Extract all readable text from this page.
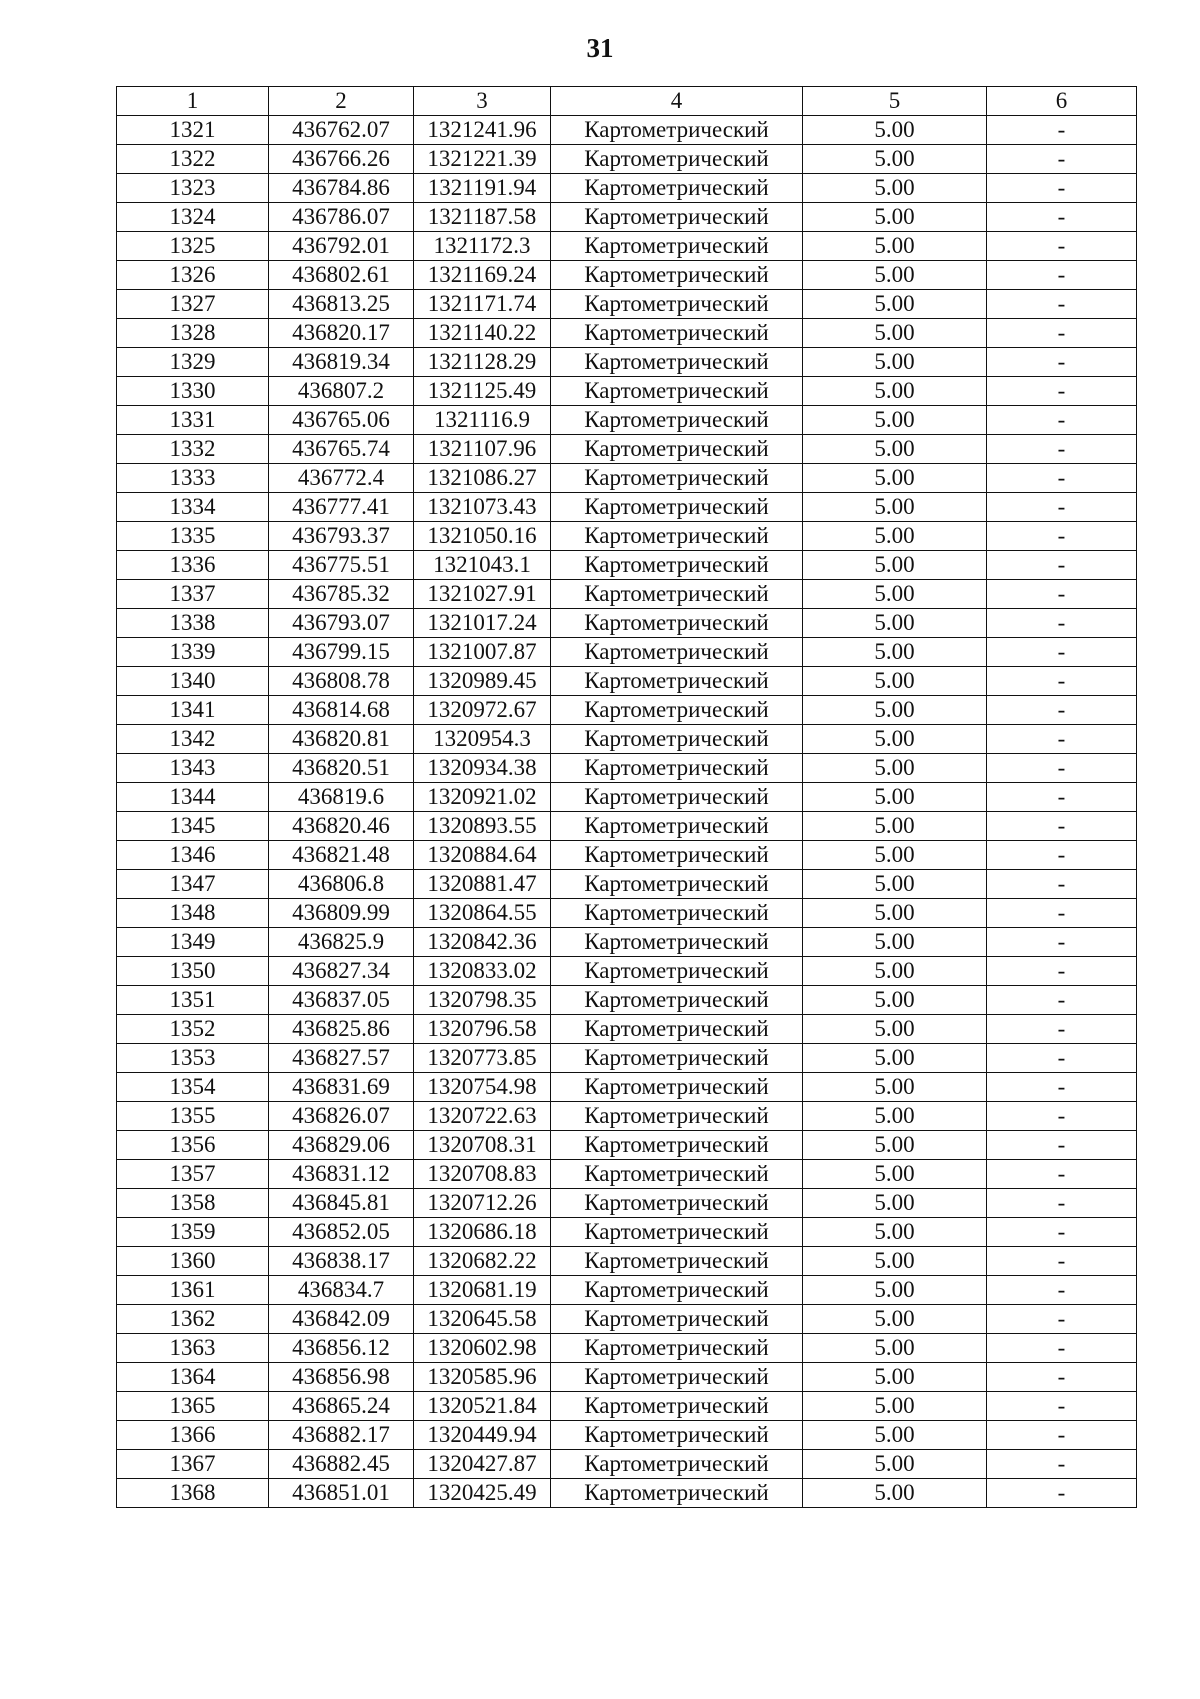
31
1	2	3	4	5	6
1321	436762.07	1321241.96	Картометрический	5.00	-
1322	436766.26	1321221.39	Картометрический	5.00	-
1323	436784.86	1321191.94	Картометрический	5.00	-
1324	436786.07	1321187.58	Картометрический	5.00	-
1325	436792.01	1321172.3	Картометрический	5.00	-
1326	436802.61	1321169.24	Картометрический	5.00	-
1327	436813.25	1321171.74	Картометрический	5.00	-
1328	436820.17	1321140.22	Картометрический	5.00	-
1329	436819.34	1321128.29	Картометрический	5.00	-
1330	436807.2	1321125.49	Картометрический	5.00	-
1331	436765.06	1321116.9	Картометрический	5.00	-
1332	436765.74	1321107.96	Картометрический	5.00	-
1333	436772.4	1321086.27	Картометрический	5.00	-
1334	436777.41	1321073.43	Картометрический	5.00	-
1335	436793.37	1321050.16	Картометрический	5.00	-
1336	436775.51	1321043.1	Картометрический	5.00	-
1337	436785.32	1321027.91	Картометрический	5.00	-
1338	436793.07	1321017.24	Картометрический	5.00	-
1339	436799.15	1321007.87	Картометрический	5.00	-
1340	436808.78	1320989.45	Картометрический	5.00	-
1341	436814.68	1320972.67	Картометрический	5.00	-
1342	436820.81	1320954.3	Картометрический	5.00	-
1343	436820.51	1320934.38	Картометрический	5.00	-
1344	436819.6	1320921.02	Картометрический	5.00	-
1345	436820.46	1320893.55	Картометрический	5.00	-
1346	436821.48	1320884.64	Картометрический	5.00	-
1347	436806.8	1320881.47	Картометрический	5.00	-
1348	436809.99	1320864.55	Картометрический	5.00	-
1349	436825.9	1320842.36	Картометрический	5.00	-
1350	436827.34	1320833.02	Картометрический	5.00	-
1351	436837.05	1320798.35	Картометрический	5.00	-
1352	436825.86	1320796.58	Картометрический	5.00	-
1353	436827.57	1320773.85	Картометрический	5.00	-
1354	436831.69	1320754.98	Картометрический	5.00	-
1355	436826.07	1320722.63	Картометрический	5.00	-
1356	436829.06	1320708.31	Картометрический	5.00	-
1357	436831.12	1320708.83	Картометрический	5.00	-
1358	436845.81	1320712.26	Картометрический	5.00	-
1359	436852.05	1320686.18	Картометрический	5.00	-
1360	436838.17	1320682.22	Картометрический	5.00	-
1361	436834.7	1320681.19	Картометрический	5.00	-
1362	436842.09	1320645.58	Картометрический	5.00	-
1363	436856.12	1320602.98	Картометрический	5.00	-
1364	436856.98	1320585.96	Картометрический	5.00	-
1365	436865.24	1320521.84	Картометрический	5.00	-
1366	436882.17	1320449.94	Картометрический	5.00	-
1367	436882.45	1320427.87	Картометрический	5.00	-
1368	436851.01	1320425.49	Картометрический	5.00	-
